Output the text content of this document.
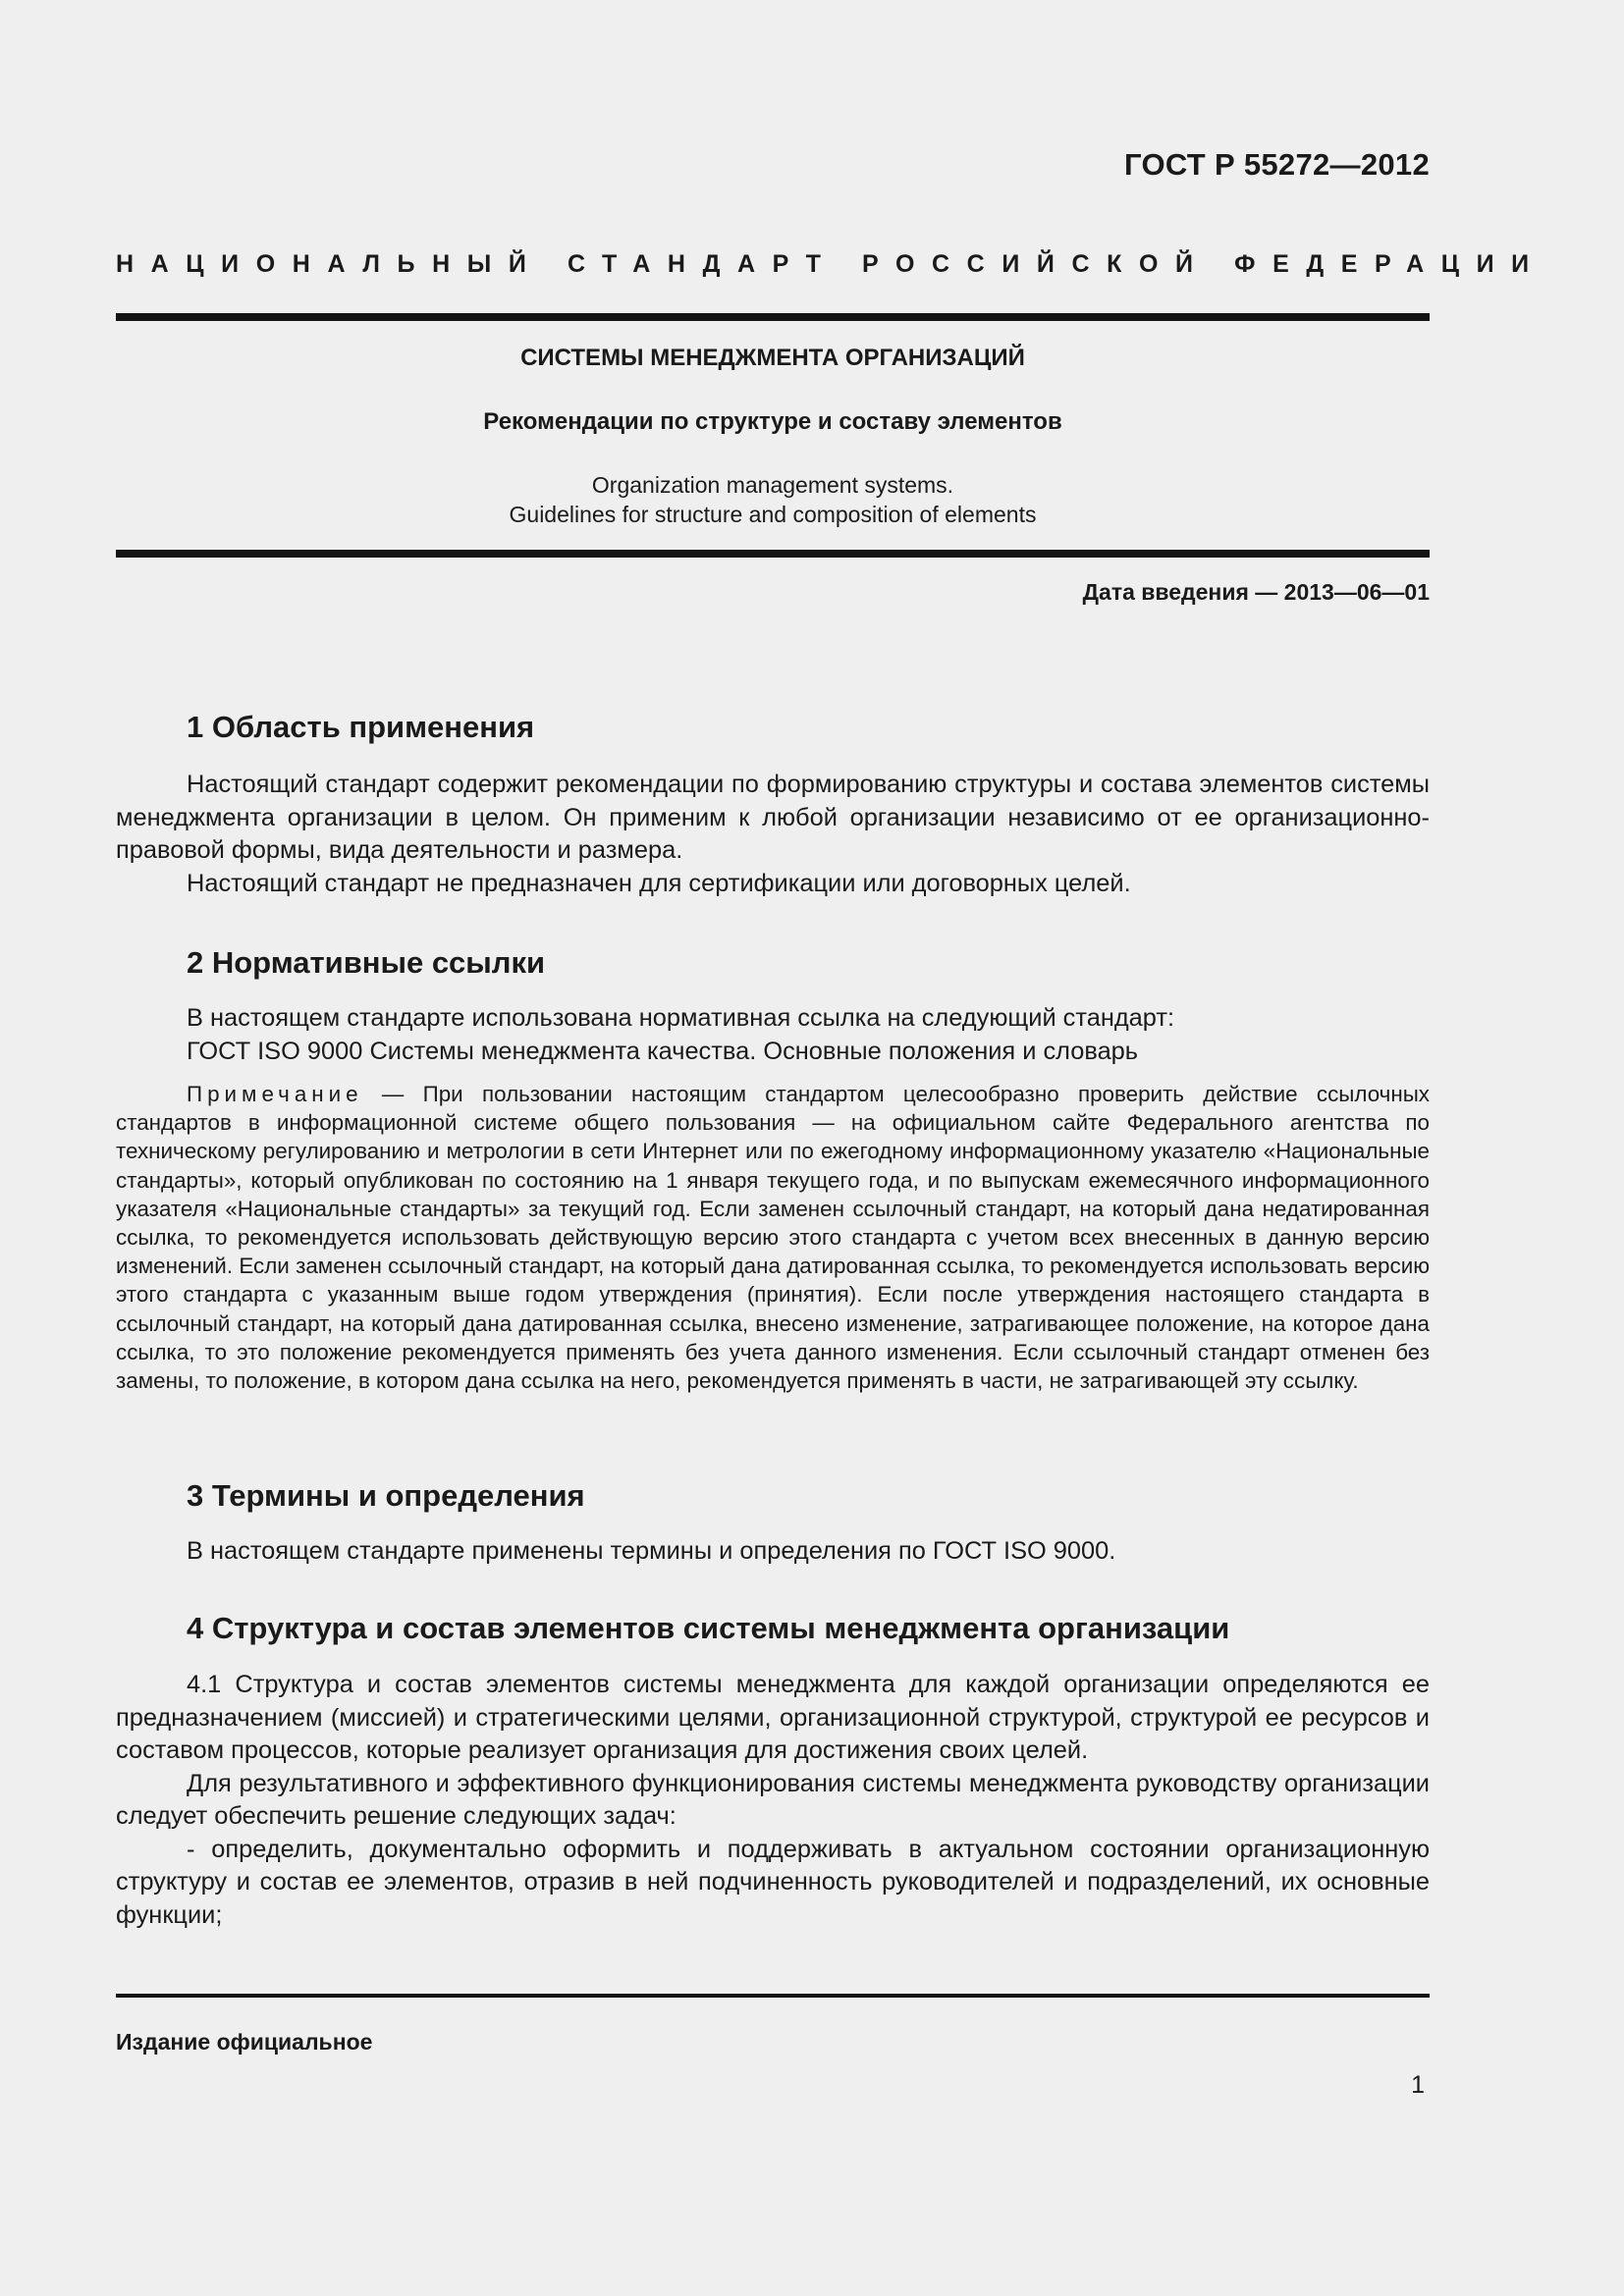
ГОСТ Р 55272—2012
НАЦИОНАЛЬНЫЙ СТАНДАРТ РОССИЙСКОЙ ФЕДЕРАЦИИ
СИСТЕМЫ МЕНЕДЖМЕНТА ОРГАНИЗАЦИЙ
Рекомендации по структуре и составу элементов
Organization management systems.
Guidelines for structure and composition of elements
Дата введения — 2013—06—01
1 Область применения

Настоящий стандарт содержит рекомендации по формированию структуры и состава элементов системы менеджмента организации в целом. Он применим к любой организации независимо от ее организационно-правовой формы, вида деятельности и размера.

Настоящий стандарт не предназначен для сертификации или договорных целей.

2 Нормативные ссылки

В настоящем стандарте использована нормативная ссылка на следующий стандарт:

ГОСТ ISO 9000 Системы менеджмента качества. Основные положения и словарь

Примечание — При пользовании настоящим стандартом целесообразно проверить действие ссылочных стандартов в информационной системе общего пользования — на официальном сайте Федерального агентства по техническому регулированию и метрологии в сети Интернет или по ежегодному информационному указателю «Национальные стандарты», который опубликован по состоянию на 1 января текущего года, и по выпускам ежемесячного информационного указателя «Национальные стандарты» за текущий год. Если заменен ссылочный стандарт, на который дана недатированная ссылка, то рекомендуется использовать действующую версию этого стандарта с учетом всех внесенных в данную версию изменений. Если заменен ссылочный стандарт, на который дана датированная ссылка, то рекомендуется использовать версию этого стандарта с указанным выше годом утверждения (принятия). Если после утверждения настоящего стандарта в ссылочный стандарт, на который дана датированная ссылка, внесено изменение, затрагивающее положение, на которое дана ссылка, то это положение рекомендуется применять без учета данного изменения. Если ссылочный стандарт отменен без замены, то положение, в котором дана ссылка на него, рекомендуется применять в части, не затрагивающей эту ссылку.

3 Термины и определения

В настоящем стандарте применены термины и определения по ГОСТ ISO 9000.

4 Структура и состав элементов системы менеджмента организации

4.1 Структура и состав элементов системы менеджмента для каждой организации определяются ее предназначением (миссией) и стратегическими целями, организационной структурой, структурой ее ресурсов и составом процессов, которые реализует организация для достижения своих целей.

Для результативного и эффективного функционирования системы менеджмента руководству организации следует обеспечить решение следующих задач:

- определить, документально оформить и поддерживать в актуальном состоянии организационную структуру и состав ее элементов, отразив в ней подчиненность руководителей и подразделений, их основные функции;

Издание официальное
1
